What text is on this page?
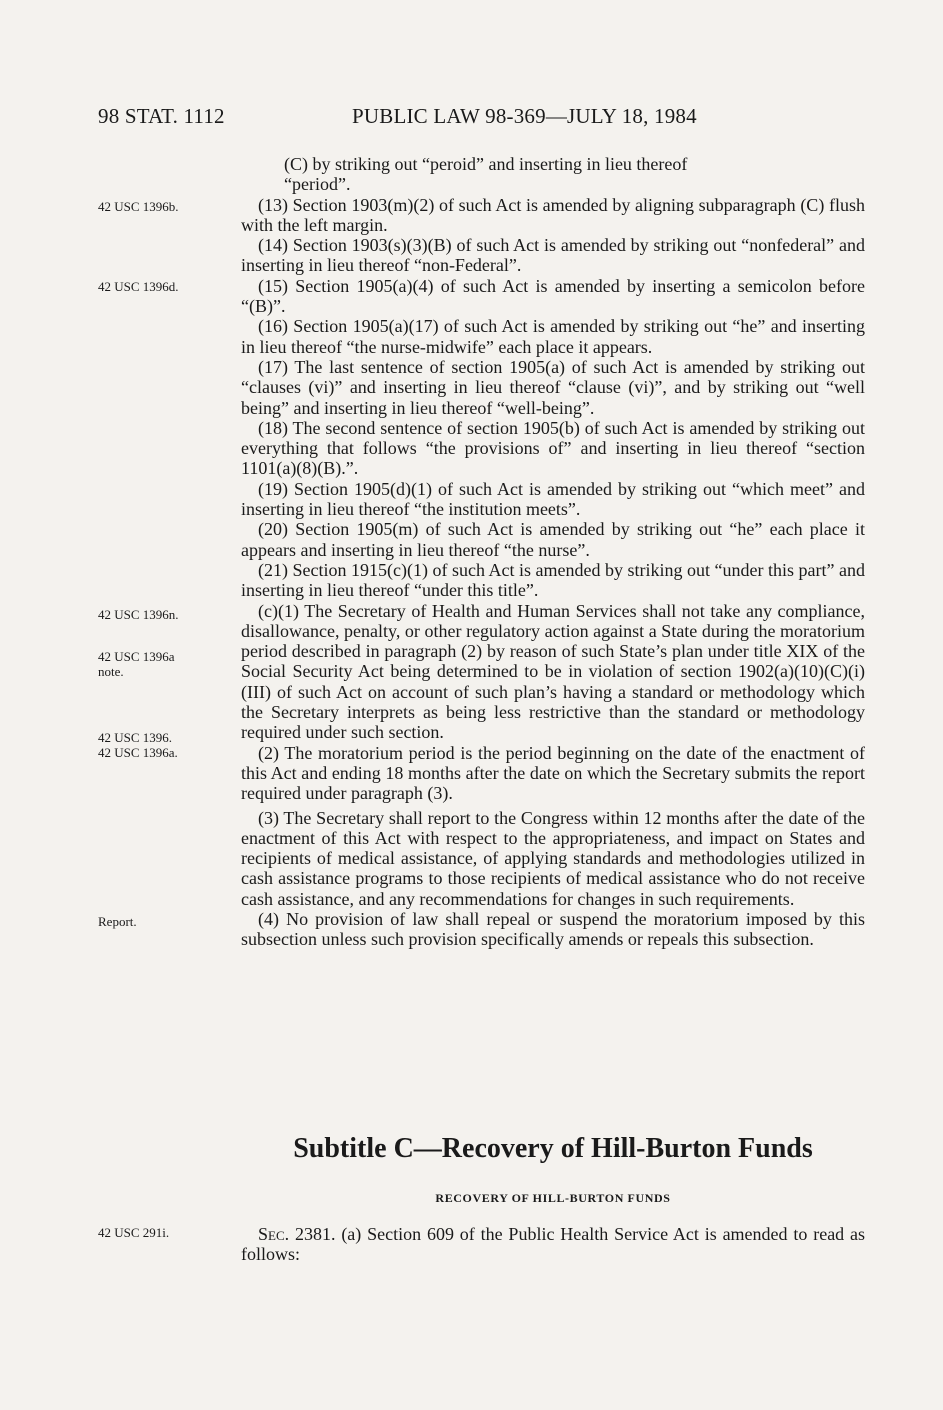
98 STAT. 1112	PUBLIC LAW 98-369—JULY 18, 1984
42 USC 1396b.
42 USC 1396d.
42 USC 1396n.
42 USC 1396a
note.
42 USC 1396.
42 USC 1396a.
Report.
42 USC 291i.

(C) by striking out “peroid” and inserting in lieu thereof

“period”.

(13) Section 1903(m)(2) of such Act is amended by aligning subparagraph (C) flush with the left margin.

(14) Section 1903(s)(3)(B) of such Act is amended by striking out “nonfederal” and inserting in lieu thereof “non-Federal”.

(15) Section 1905(a)(4) of such Act is amended by inserting a semicolon before “(B)”.

(16) Section 1905(a)(17) of such Act is amended by striking out “he” and inserting in lieu thereof “the nurse-midwife” each place it appears.

(17) The last sentence of section 1905(a) of such Act is amended by striking out “clauses (vi)” and inserting in lieu thereof “clause (vi)”, and by striking out “well being” and inserting in lieu thereof “well-being”.

(18) The second sentence of section 1905(b) of such Act is amended by striking out everything that follows “the provisions of” and inserting in lieu thereof “section 1101(a)(8)(B).”.

(19) Section 1905(d)(1) of such Act is amended by striking out “which meet” and inserting in lieu thereof “the institution meets”.

(20) Section 1905(m) of such Act is amended by striking out “he” each place it appears and inserting in lieu thereof “the nurse”.

(21) Section 1915(c)(1) of such Act is amended by striking out “under this part” and inserting in lieu thereof “under this title”.

(c)(1) The Secretary of Health and Human Services shall not take any compliance, disallowance, penalty, or other regulatory action against a State during the moratorium period described in paragraph (2) by reason of such State’s plan under title XIX of the Social Security Act being determined to be in violation of section 1902(a)(10)(C)(i)(III) of such Act on account of such plan’s having a standard or methodology which the Secretary interprets as being less restrictive than the standard or methodology required under such section.

(2) The moratorium period is the period beginning on the date of the enactment of this Act and ending 18 months after the date on which the Secretary submits the report required under paragraph (3).

(3) The Secretary shall report to the Congress within 12 months after the date of the enactment of this Act with respect to the appropriateness, and impact on States and recipients of medical assistance, of applying standards and methodologies utilized in cash assistance programs to those recipients of medical assistance who do not receive cash assistance, and any recommendations for changes in such requirements.

(4) No provision of law shall repeal or suspend the moratorium imposed by this subsection unless such provision specifically amends or repeals this subsection.

Subtitle C—Recovery of Hill-Burton Funds
RECOVERY OF HILL-BURTON FUNDS

Sec. 2381. (a) Section 609 of the Public Health Service Act is amended to read as follows:
